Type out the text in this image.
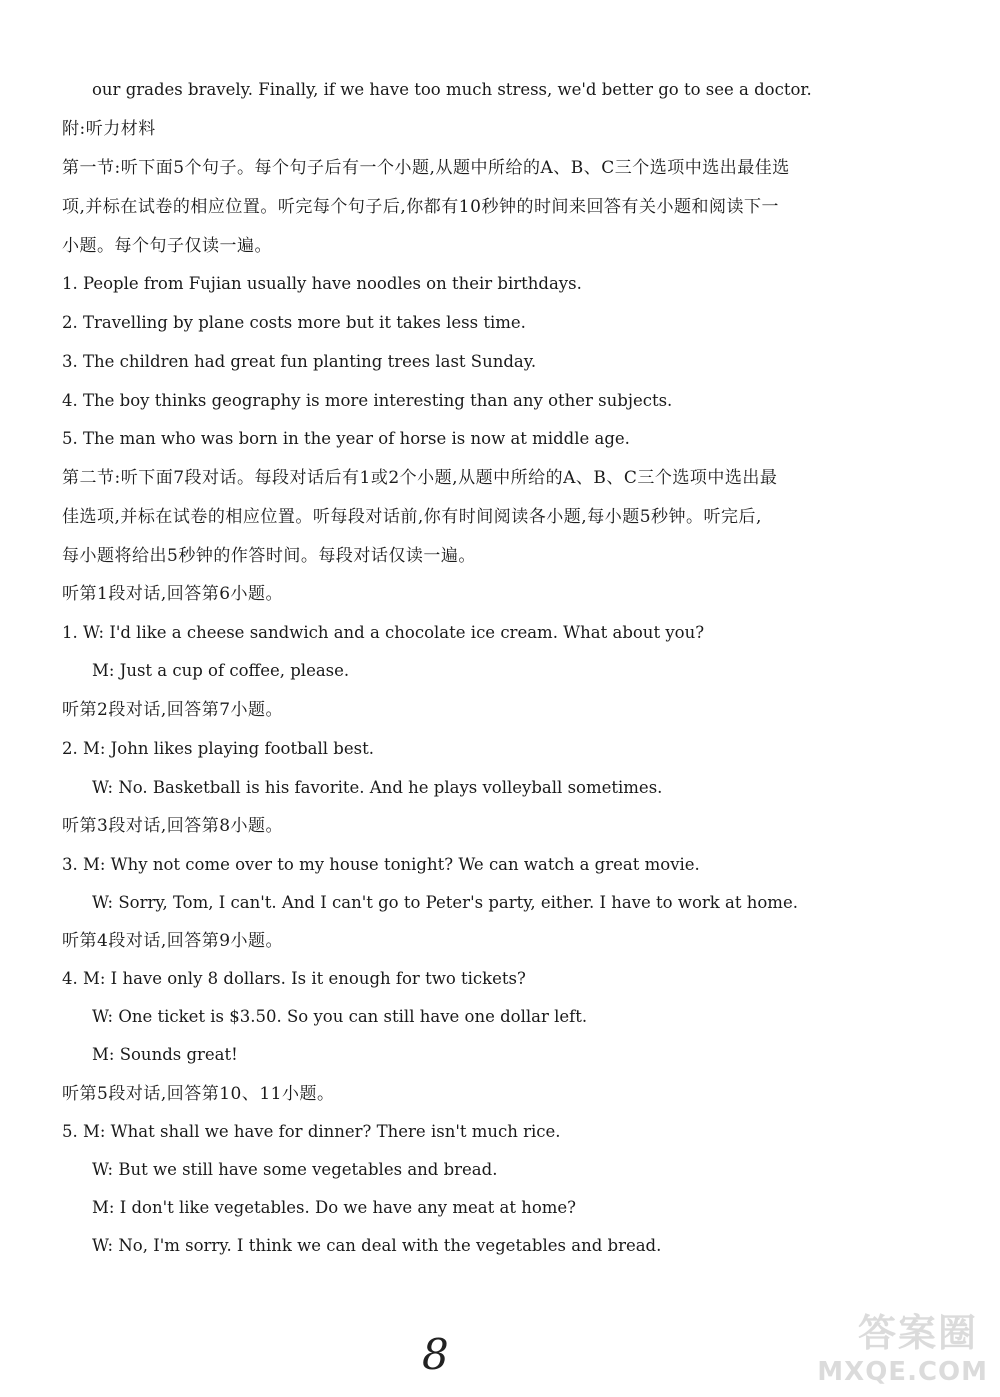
our grades bravely. Finally, if we have too much stress, we'd better go to see a doctor.
附:听力材料
第一节:听下面5个句子。每个句子后有一个小题,从题中所给的A、B、C三个选项中选出最佳选
项,并标在试卷的相应位置。听完每个句子后,你都有10秒钟的时间来回答有关小题和阅读下一
小题。每个句子仅读一遍。
1. People from Fujian usually have noodles on their birthdays.
2. Travelling by plane costs more but it takes less time.
3. The children had great fun planting trees last Sunday.
4. The boy thinks geography is more interesting than any other subjects.
5. The man who was born in the year of horse is now at middle age.
第二节:听下面7段对话。每段对话后有1或2个小题,从题中所给的A、B、C三个选项中选出最
佳选项,并标在试卷的相应位置。听每段对话前,你有时间阅读各小题,每小题5秒钟。听完后,
每小题将给出5秒钟的作答时间。每段对话仅读一遍。
听第1段对话,回答第6小题。
1. W: I'd like a cheese sandwich and a chocolate ice cream. What about you?
M: Just a cup of coffee, please.
听第2段对话,回答第7小题。
2. M: John likes playing football best.
W: No. Basketball is his favorite. And he plays volleyball sometimes.
听第3段对话,回答第8小题。
3. M: Why not come over to my house tonight? We can watch a great movie.
W: Sorry, Tom, I can't. And I can't go to Peter's party, either. I have to work at home.
听第4段对话,回答第9小题。
4. M: I have only 8 dollars. Is it enough for two tickets?
W: One ticket is $3.50. So you can still have one dollar left.
M: Sounds great!
听第5段对话,回答第10、11小题。
5. M: What shall we have for dinner? There isn't much rice.
W: But we still have some vegetables and bread.
M: I don't like vegetables. Do we have any meat at home?
W: No, I'm sorry. I think we can deal with the vegetables and bread.
8	答案圈
MXQE.COM
